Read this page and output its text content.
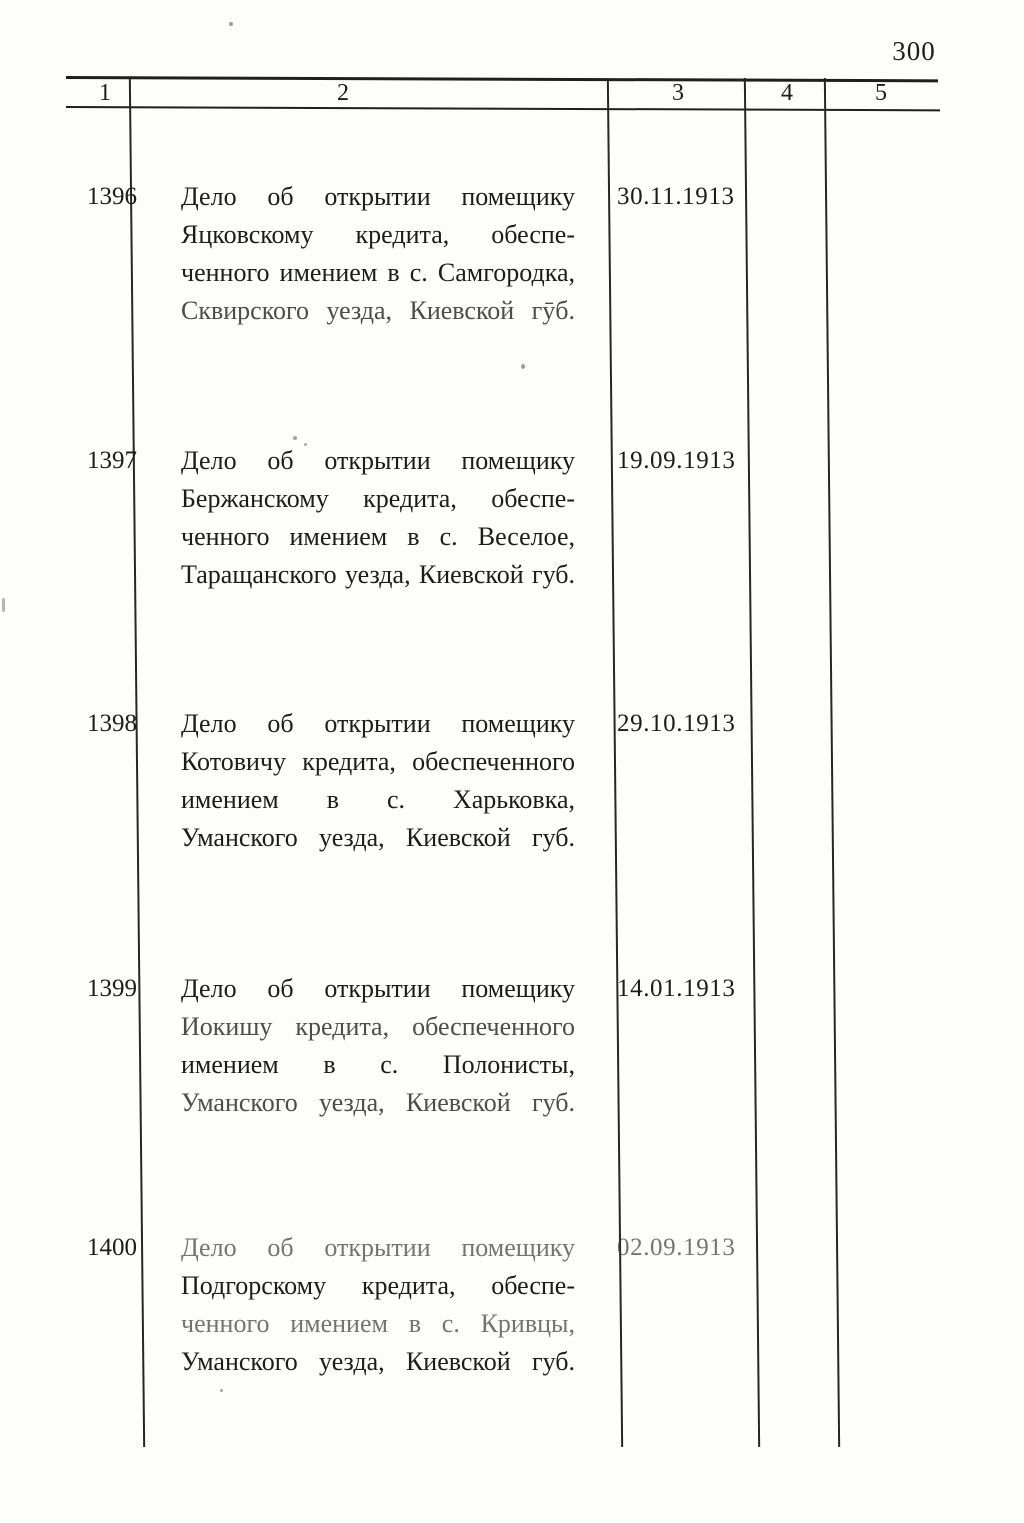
300
1	2	3	4	5
1396 Дело об открытии помещику
Яцковскому кредита, обеспе-
ченного имением в с. Самгородка,
Сквирского уезда, Киевской гӯб.
30.11.1913
1397 Дело об открытии помещику
Бержанскому кредита, обеспе-
ченного имением в с. Веселое,
Таращанского уезда, Киевской губ.
19.09.1913
1398 Дело об открытии помещику
Котовичу кредита, обеспеченного
имением в с. Харьковка,
Уманского уезда, Киевской губ.
29.10.1913
1399 Дело об открытии помещику
Иокишу кредита, обеспеченного
имением в с. Полонисты,
Уманского уезда, Киевской губ.
14.01.1913
1400 Дело об открытии помещику
Подгорскому кредита, обеспе-
ченного имением в с. Кривцы,
Уманского уезда, Киевской губ.
02.09.1913
